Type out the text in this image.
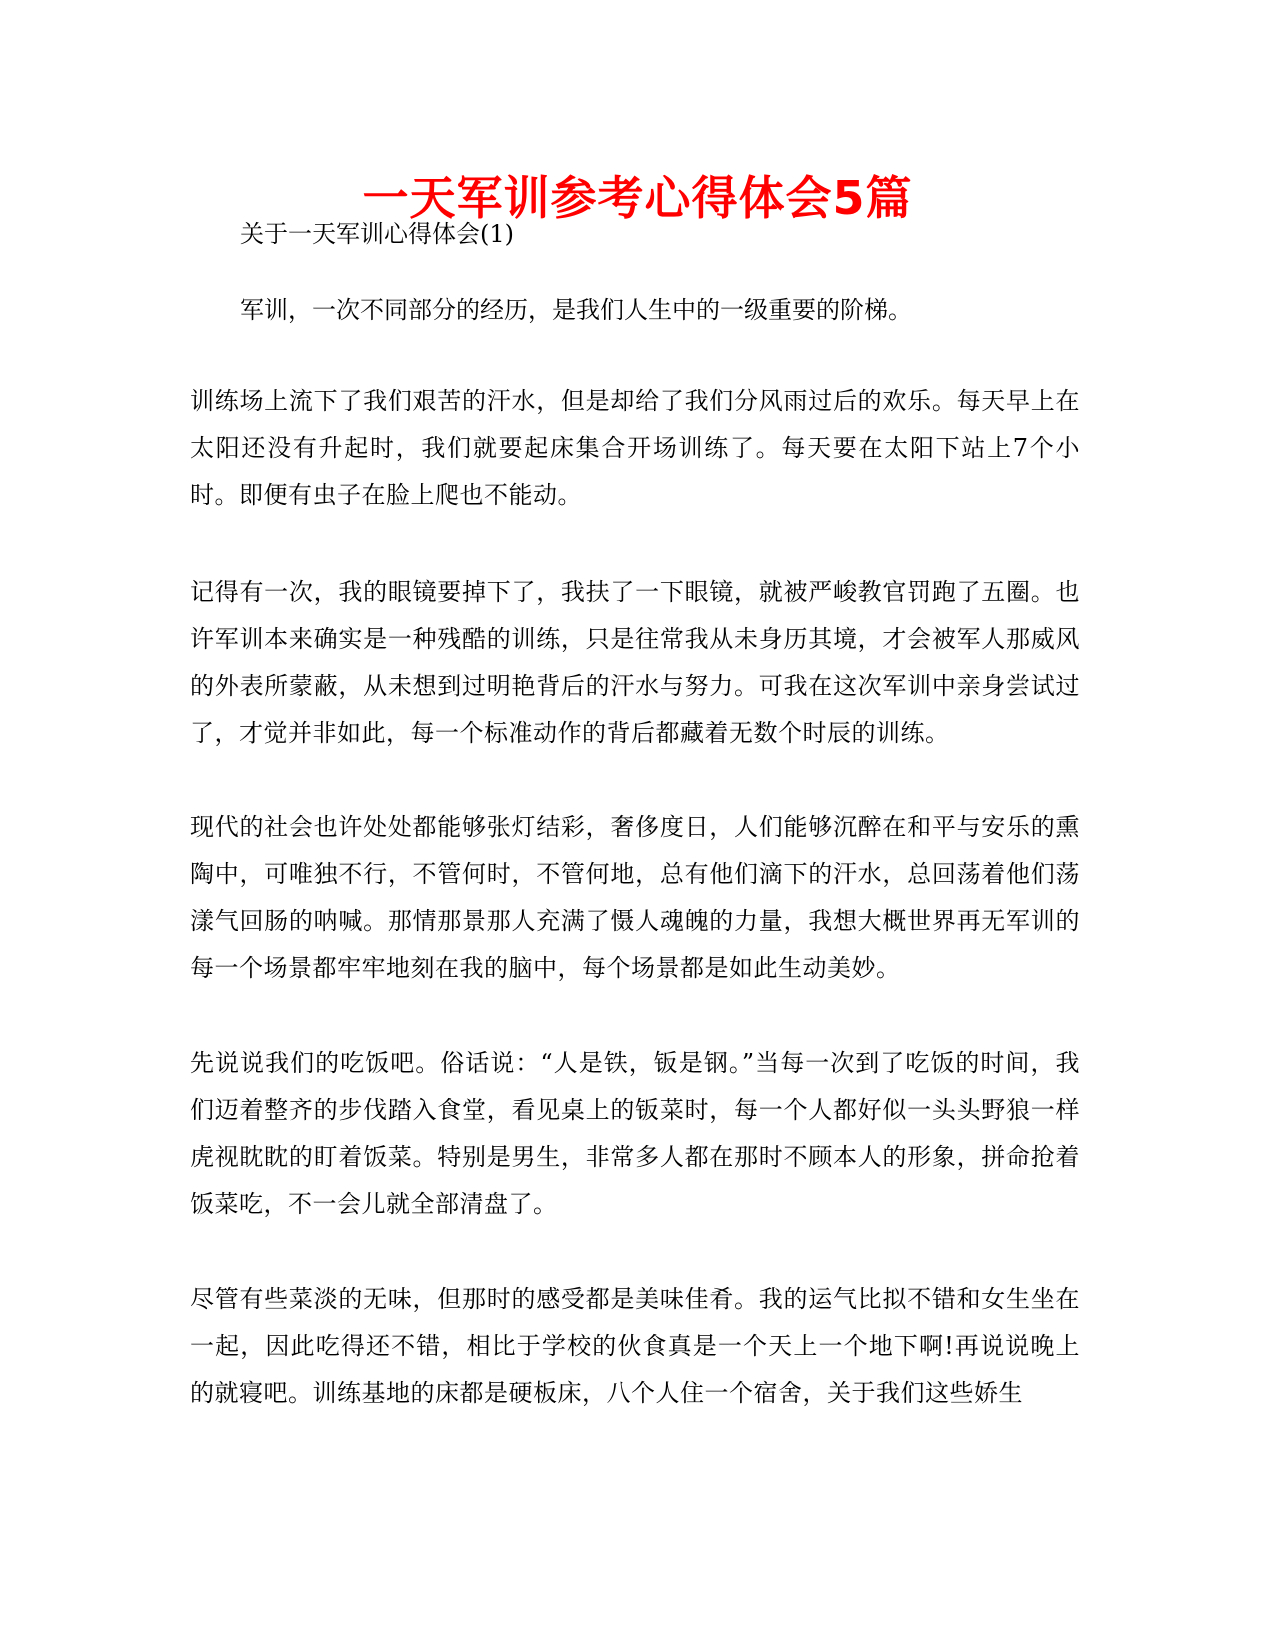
一天军训参考心得体会5篇

关于一天军训心得体会(1)

军训，一次不同部分的经历，是我们人生中的一级重要的阶梯。

训练场上流下了我们艰苦的汗水，但是却给了我们分风雨过后的欢乐。每天早上在太阳还没有升起时，我们就要起床集合开场训练了。每天要在太阳下站上7个小时。即便有虫子在脸上爬也不能动。

记得有一次，我的眼镜要掉下了，我扶了一下眼镜，就被严峻教官罚跑了五圈。也许军训本来确实是一种残酷的训练，只是往常我从未身历其境，才会被军人那威风的外表所蒙蔽，从未想到过明艳背后的汗水与努力。可我在这次军训中亲身尝试过了，才觉并非如此，每一个标准动作的背后都藏着无数个时辰的训练。

现代的社会也许处处都能够张灯结彩，奢侈度日，人们能够沉醉在和平与安乐的熏陶中，可唯独不行，不管何时，不管何地，总有他们滴下的汗水，总回荡着他们荡漾气回肠的呐喊。那情那景那人充满了慑人魂魄的力量，我想大概世界再无军训的每一个场景都牢牢地刻在我的脑中，每个场景都是如此生动美妙。

先说说我们的吃饭吧。俗话说：“人是铁，钣是钢。”当每一次到了吃饭的时间，我们迈着整齐的步伐踏入食堂，看见桌上的钣菜时，每一个人都好似一头头野狼一样虎视眈眈的盯着饭菜。特别是男生，非常多人都在那时不顾本人的形象，拼命抢着饭菜吃，不一会儿就全部清盘了。

尽管有些菜淡的无味，但那时的感受都是美味佳肴。我的运气比拟不错和女生坐在一起，因此吃得还不错，相比于学校的伙食真是一个天上一个地下啊!再说说晚上的就寝吧。训练基地的床都是硬板床，八个人住一个宿舍，关于我们这些娇生
